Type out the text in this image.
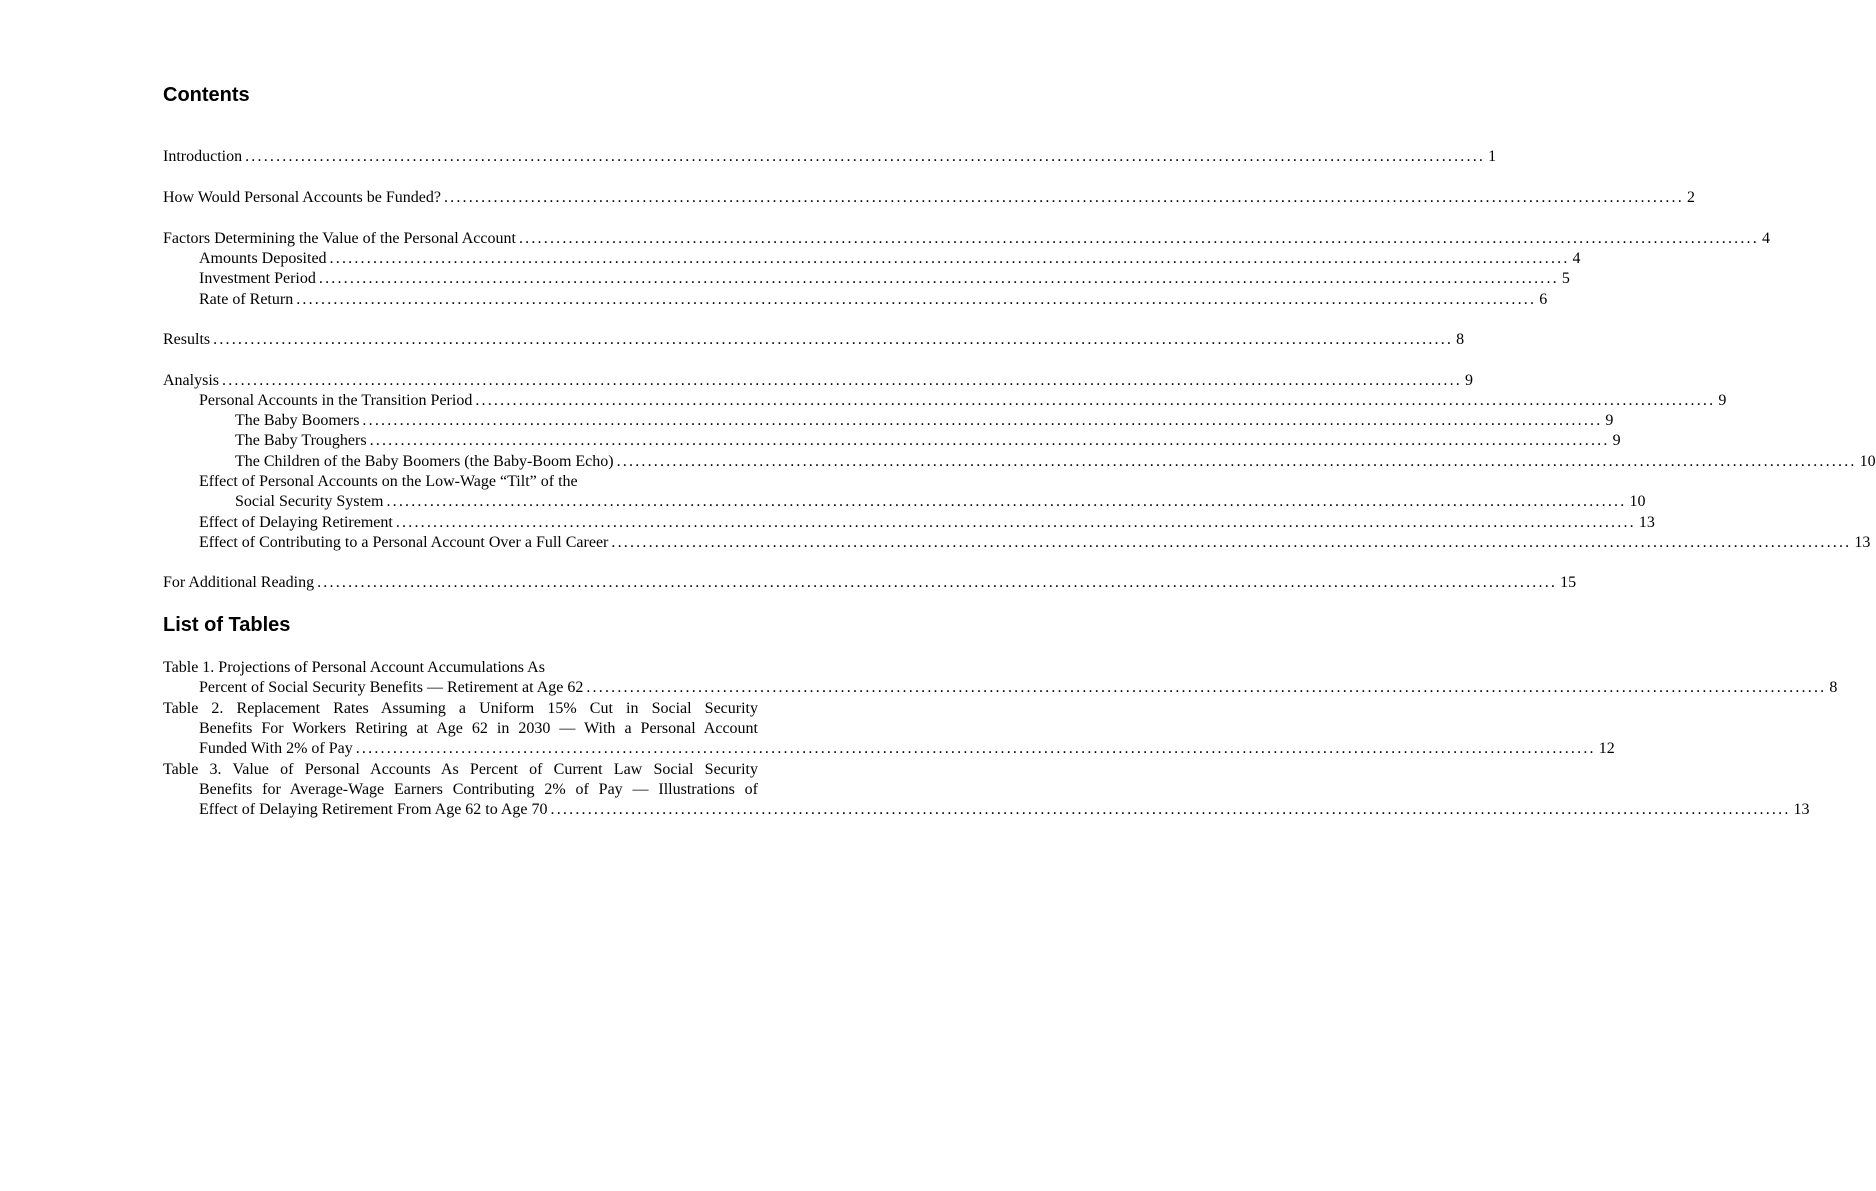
Contents
Introduction ........................................................................................................................................................................................................ 1
How Would Personal Accounts be Funded? ........................................................................................................................................................................................................ 2
Factors Determining the Value of the Personal Account ........................................................................................................................................................................................................ 4
Amounts Deposited ........................................................................................................................................................................................................ 4
Investment Period ........................................................................................................................................................................................................ 5
Rate of Return ........................................................................................................................................................................................................ 6
Results ........................................................................................................................................................................................................ 8
Analysis ........................................................................................................................................................................................................ 9
Personal Accounts in the Transition Period ........................................................................................................................................................................................................ 9
The Baby Boomers ........................................................................................................................................................................................................ 9
The Baby Troughers ........................................................................................................................................................................................................ 9
The Children of the Baby Boomers (the Baby-Boom Echo) ........................................................................................................................................................................................................ 10
Effect of Personal Accounts on the Low-Wage “Tilt” of the
Social Security System ........................................................................................................................................................................................................ 10
Effect of Delaying Retirement ........................................................................................................................................................................................................ 13
Effect of Contributing to a Personal Account Over a Full Career ........................................................................................................................................................................................................ 13
For Additional Reading ........................................................................................................................................................................................................ 15
List of Tables
Table 1. Projections of Personal Account Accumulations As
Percent of Social Security Benefits — Retirement at Age 62 ........................................................................................................................................................................................................ 8
Table 2. Replacement Rates Assuming a Uniform 15% Cut in Social Security
Benefits For Workers Retiring at Age 62 in 2030 — With a Personal Account
Funded With 2% of Pay ........................................................................................................................................................................................................ 12
Table 3. Value of Personal Accounts As Percent of Current Law Social Security
Benefits for Average-Wage Earners Contributing 2% of Pay — Illustrations of
Effect of Delaying Retirement From Age 62 to Age 70 ........................................................................................................................................................................................................ 13
